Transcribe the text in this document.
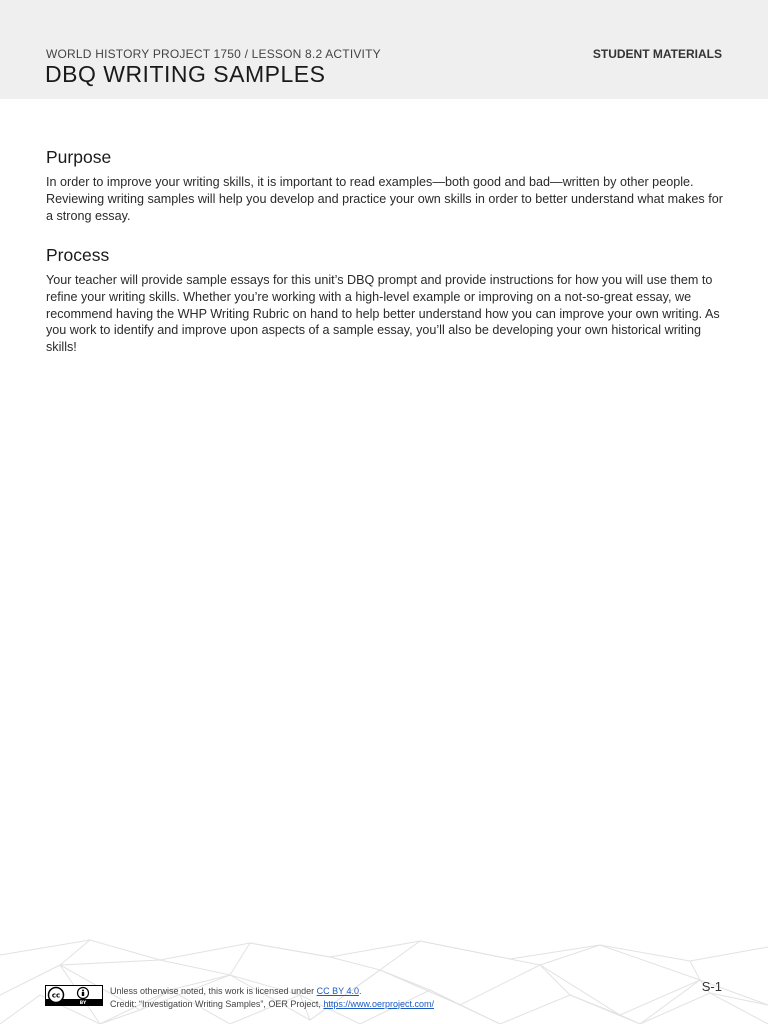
WORLD HISTORY PROJECT 1750 / LESSON 8.2 ACTIVITY
DBQ WRITING SAMPLES
STUDENT MATERIALS
Purpose

In order to improve your writing skills, it is important to read examples—both good and bad—written by other people. Reviewing writing samples will help you develop and practice your own skills in order to better understand what makes for a strong essay.

Process

Your teacher will provide sample essays for this unit’s DBQ prompt and provide instructions for how you will use them to refine your writing skills. Whether you’re working with a high-level example or improving on a not-so-great essay, we recommend having the WHP Writing Rubric on hand to help better understand how you can improve your own writing. As you work to identify and improve upon aspects of a sample essay, you’ll also be developing your own historical writing skills!

cc
BY
Unless otherwise noted, this work is licensed under CC BY 4.0.
Credit: “Investigation Writing Samples”, OER Project, https://www.oerproject.com/
S-1
